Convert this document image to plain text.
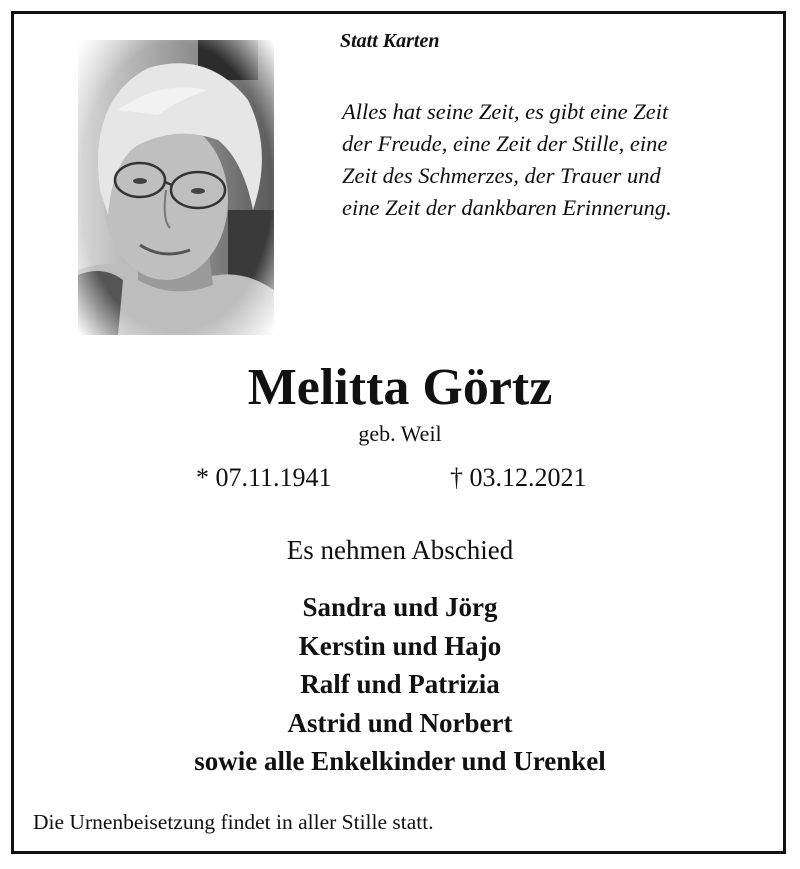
Statt Karten
Alles hat seine Zeit, es gibt eine Zeit
der Freude, eine Zeit der Stille, eine
Zeit des Schmerzes, der Trauer und
eine Zeit der dankbaren Erinnerung.
Melitta Görtz
geb. Weil
* 07.11.1941	† 03.12.2021
Es nehmen Abschied
Sandra und Jörg
Kerstin und Hajo
Ralf und Patrizia
Astrid und Norbert
sowie alle Enkelkinder und Urenkel
Die Urnenbeisetzung findet in aller Stille statt.
